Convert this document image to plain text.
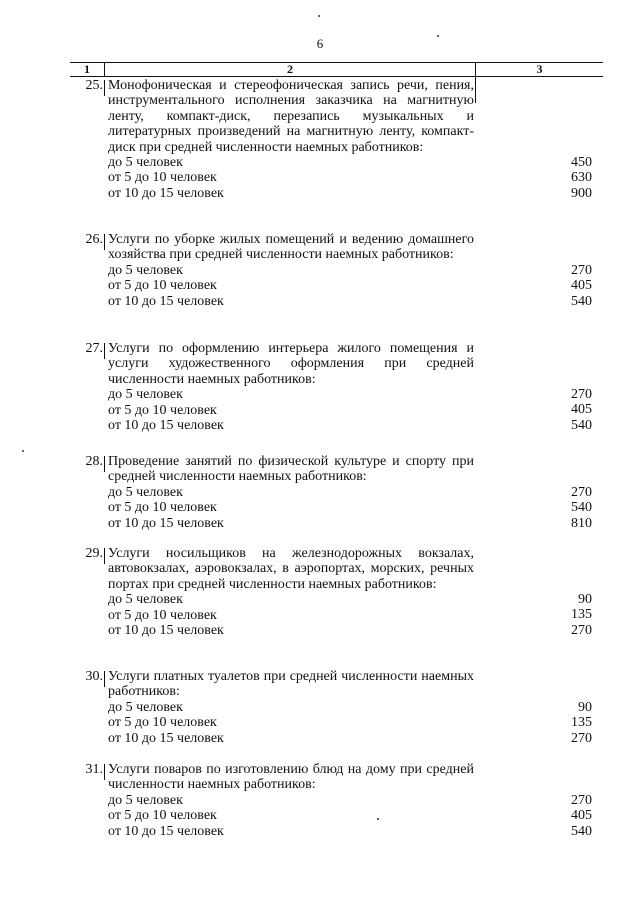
6
1	2	3
25. Монофоническая и стереофоническая запись речи, пения, инструментального исполнения заказчика на магнитную ленту, компакт-диск, перезапись музыкальных и литературных произведений на магнитную ленту, компакт-диск при средней численности наемных работников:
до 5 человек
от 5 до 10 человек
от 10 до 15 человек
450
630
900
26. Услуги по уборке жилых помещений и ведению домашнего хозяйства при средней численности наемных работников:
до 5 человек
от 5 до 10 человек
от 10 до 15 человек
270
405
540
27. Услуги по оформлению интерьера жилого помещения и услуги художественного оформления при средней численности наемных работников:
до 5 человек
от 5 до 10 человек
от 10 до 15 человек
270
405
540
28. Проведение занятий по физической культуре и спорту при средней численности наемных работников:
до 5 человек
от 5 до 10 человек
от 10 до 15 человек
270
540
810
29. Услуги носильщиков на железнодорожных вокзалах, автовокзалах, аэровокзалах, в аэропортах, морских, речных портах при средней численности наемных работников:
до 5 человек
от 5 до 10 человек
от 10 до 15 человек
90
135
270
30. Услуги платных туалетов при средней численности наемных работников:
до 5 человек
от 5 до 10 человек
от 10 до 15 человек
90
135
270
31. Услуги поваров по изготовлению блюд на дому при средней численности наемных работников:
до 5 человек
от 5 до 10 человек
от 10 до 15 человек
270
405
540
